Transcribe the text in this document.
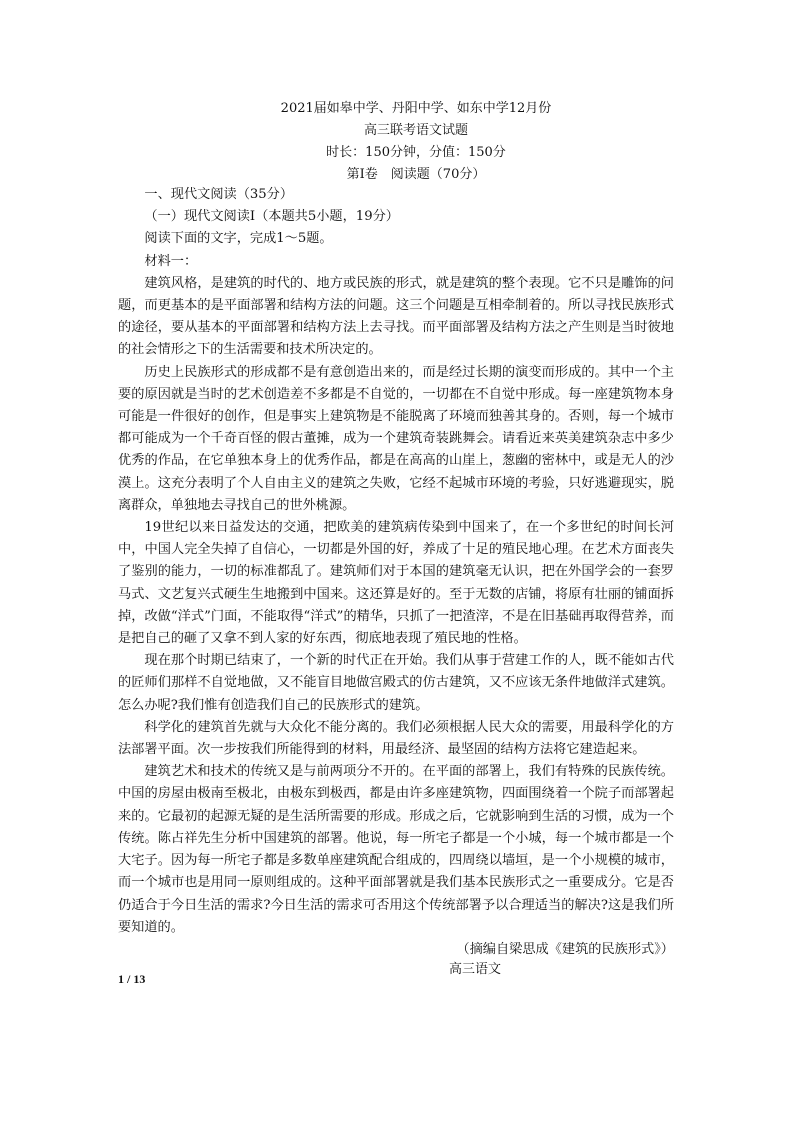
2021届如皋中学、丹阳中学、如东中学12月份
高三联考语文试题
时长：150分钟，分值：150分
第Ⅰ卷　阅读题（70分）

一、现代文阅读（35分）

（一）现代文阅读Ⅰ（本题共5小题，19分）

阅读下面的文字，完成1～5题。

材料一：

建筑风格，是建筑的时代的、地方或民族的形式，就是建筑的整个表现。它不只是雕饰的问题，而更基本的是平面部署和结构方法的问题。这三个问题是互相牵制着的。所以寻找民族形式的途径，要从基本的平面部署和结构方法上去寻找。而平面部署及结构方法之产生则是当时彼地的社会情形之下的生活需要和技术所决定的。

历史上民族形式的形成都不是有意创造出来的，而是经过长期的演变而形成的。其中一个主要的原因就是当时的艺术创造差不多都是不自觉的，一切都在不自觉中形成。每一座建筑物本身可能是一件很好的创作，但是事实上建筑物是不能脱离了环境而独善其身的。否则，每一个城市都可能成为一个千奇百怪的假古董摊，成为一个建筑奇装跳舞会。请看近来英美建筑杂志中多少优秀的作品，在它单独本身上的优秀作品，都是在高高的山崖上，葱幽的密林中，或是无人的沙漠上。这充分表明了个人自由主义的建筑之失败，它经不起城市环境的考验，只好逃避现实，脱离群众，单独地去寻找自己的世外桃源。

19世纪以来日益发达的交通，把欧美的建筑病传染到中国来了，在一个多世纪的时间长河中，中国人完全失掉了自信心，一切都是外国的好，养成了十足的殖民地心理。在艺术方面丧失了鉴别的能力，一切的标准都乱了。建筑师们对于本国的建筑毫无认识，把在外国学会的一套罗马式、文艺复兴式硬生生地搬到中国来。这还算是好的。至于无数的店铺，将原有壮丽的铺面拆掉，改做“洋式”门面，不能取得“洋式”的精华，只抓了一把渣滓，不是在旧基础再取得营养，而是把自己的砸了又拿不到人家的好东西，彻底地表现了殖民地的性格。

现在那个时期已结束了，一个新的时代正在开始。我们从事于营建工作的人，既不能如古代的匠师们那样不自觉地做，又不能盲目地做宫殿式的仿古建筑，又不应该无条件地做洋式建筑。怎么办呢?我们惟有创造我们自己的民族形式的建筑。

科学化的建筑首先就与大众化不能分离的。我们必须根据人民大众的需要，用最科学化的方法部署平面。次一步按我们所能得到的材料，用最经济、最坚固的结构方法将它建造起来。

建筑艺术和技术的传统又是与前两项分不开的。在平面的部署上，我们有特殊的民族传统。中国的房屋由极南至极北，由极东到极西，都是由许多座建筑物，四面围绕着一个院子而部署起来的。它最初的起源无疑的是生活所需要的形成。形成之后，它就影响到生活的习惯，成为一个传统。陈占祥先生分析中国建筑的部署。他说，每一所宅子都是一个小城，每一个城市都是一个大宅子。因为每一所宅子都是多数单座建筑配合组成的，四周绕以墙垣，是一个小规模的城市，而一个城市也是用同一原则组成的。这种平面部署就是我们基本民族形式之一重要成分。它是否仍适合于今日生活的需求?今日生活的需求可否用这个传统部署予以合理适当的解决?这是我们所要知道的。

（摘编自梁思成《建筑的民族形式》）

高三语文
1 / 13
